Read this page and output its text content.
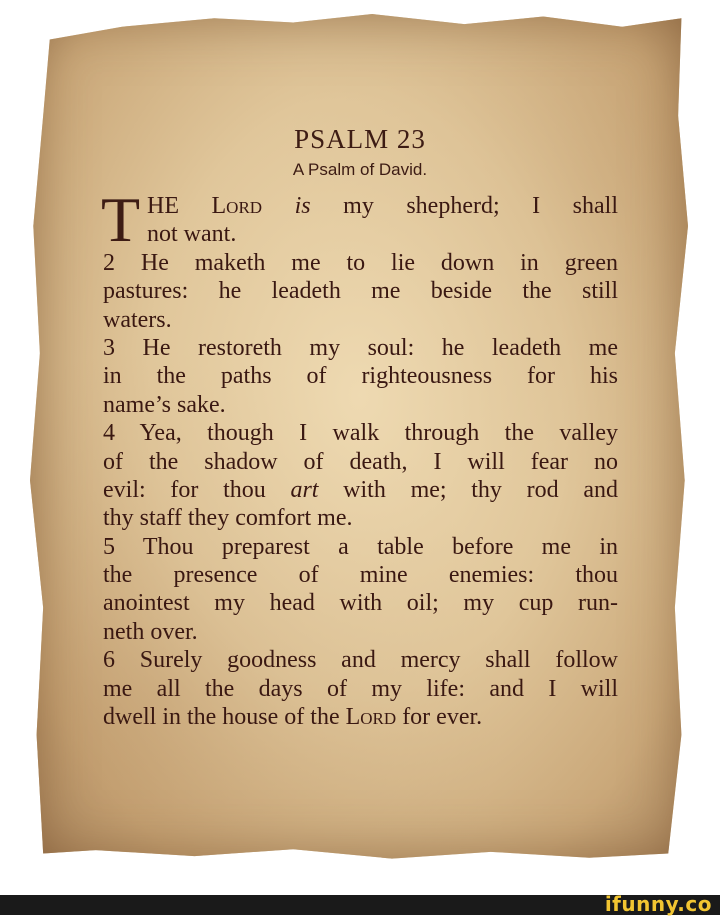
PSALM 23
A Psalm of David.
T HE Lord is my shepherd; I shall
not want.
2 He maketh me to lie down in green
pastures: he leadeth me beside the still
waters.
3 He restoreth my soul: he leadeth me
in the paths of righteousness for his
name’s sake.
4 Yea, though I walk through the valley
of the shadow of death, I will fear no
evil: for thou art with me; thy rod and
thy staff they comfort me.
5 Thou preparest a table before me in
the presence of mine enemies: thou
anointest my head with oil; my cup run-
neth over.
6 Surely goodness and mercy shall follow
me all the days of my life: and I will
dwell in the house of the Lord for ever.
ifunny.co
